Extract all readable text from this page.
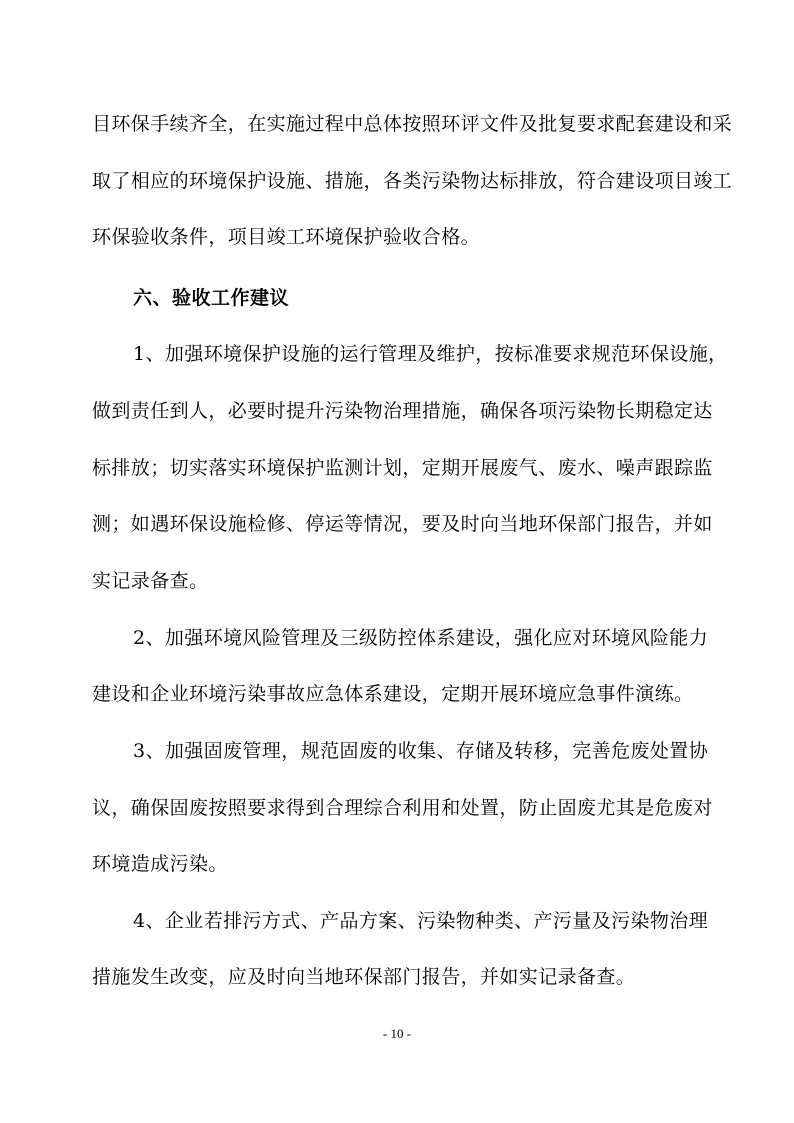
目环保手续齐全，在实施过程中总体按照环评文件及批复要求配套建设和采
取了相应的环境保护设施、措施，各类污染物达标排放，符合建设项目竣工
环保验收条件，项目竣工环境保护验收合格。
六、验收工作建议
1、加强环境保护设施的运行管理及维护，按标准要求规范环保设施，
做到责任到人，必要时提升污染物治理措施，确保各项污染物长期稳定达
标排放；切实落实环境保护监测计划，定期开展废气、废水、噪声跟踪监
测；如遇环保设施检修、停运等情况，要及时向当地环保部门报告，并如
实记录备查。
2、加强环境风险管理及三级防控体系建设，强化应对环境风险能力
建设和企业环境污染事故应急体系建设，定期开展环境应急事件演练。
3、加强固废管理，规范固废的收集、存储及转移，完善危废处置协
议，确保固废按照要求得到合理综合利用和处置，防止固废尤其是危废对
环境造成污染。
4、企业若排污方式、产品方案、污染物种类、产污量及污染物治理
措施发生改变，应及时向当地环保部门报告，并如实记录备查。
- 10 -
